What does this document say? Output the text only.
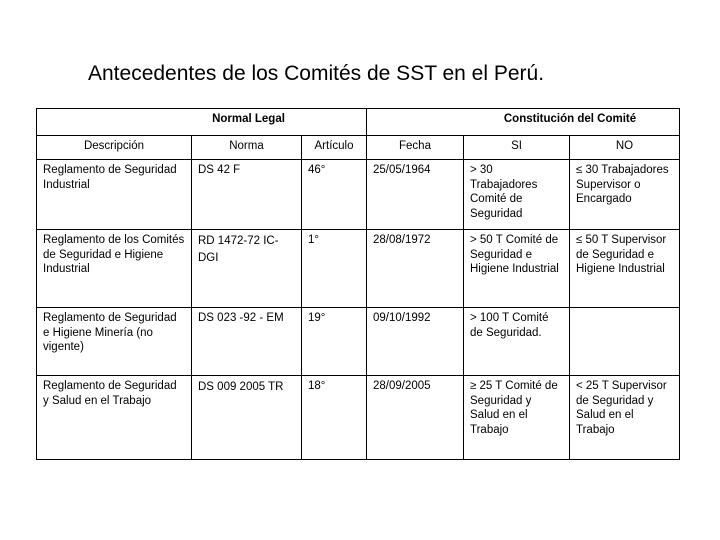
Antecedentes de los Comités de SST en el Perú.
Normal Legal			Constitución del Comité		
Descripción	Norma	Artículo	Fecha	SI	NO
Reglamento de Seguridad Industrial	DS 42 F	46°	25/05/1964	> 30 Trabajadores Comité de Seguridad	≤ 30 Trabajadores Supervisor o Encargado
Reglamento de los Comités de Seguridad e Higiene Industrial	RD 1472-72 IC- DGI	1°	28/08/1972	> 50 T Comité de Seguridad e Higiene Industrial	≤ 50 T Supervisor de Seguridad e Higiene Industrial
Reglamento de Seguridad e Higiene Minería (no vigente)	DS 023 -92 - EM	19°	09/10/1992	> 100 T Comité de Seguridad.	
Reglamento de Seguridad y Salud en el Trabajo	DS 009 2005 TR	18°	28/09/2005	≥ 25 T Comité de Seguridad y Salud en el Trabajo	< 25 T Supervisor de Seguridad y Salud en el Trabajo
